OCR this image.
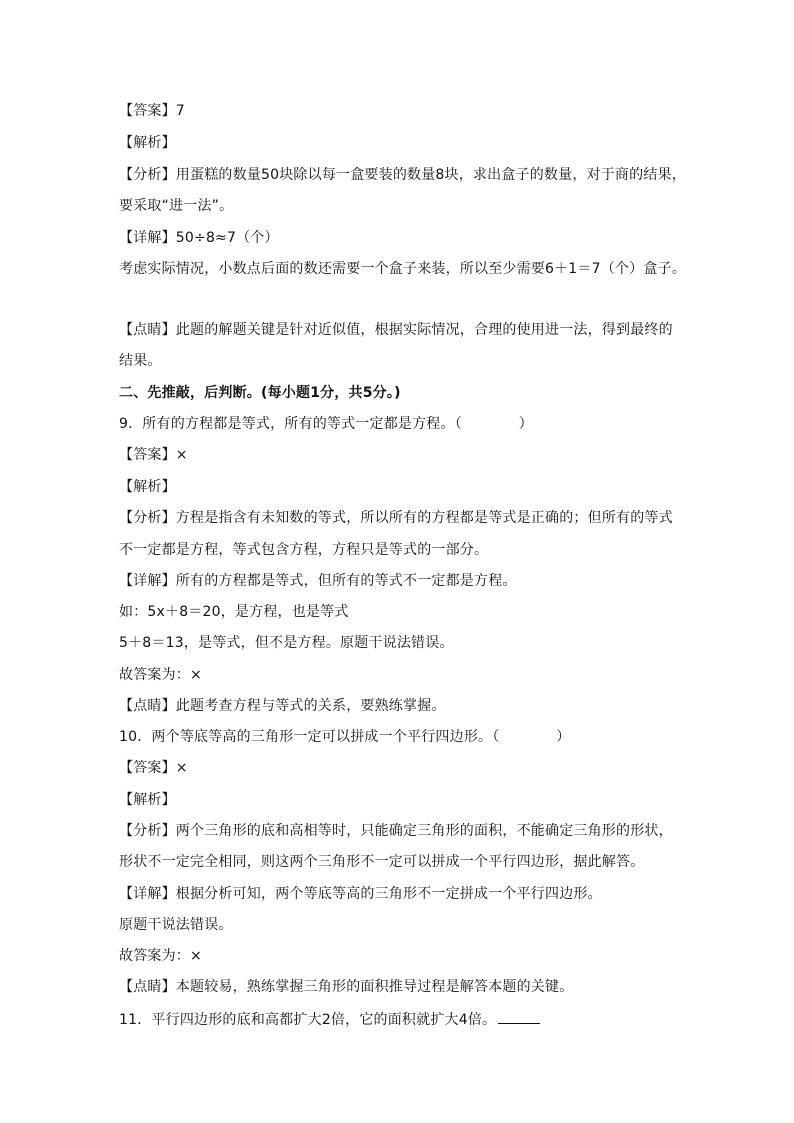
【答案】7
【解析】
【分析】用蛋糕的数量50块除以每一盒要装的数量8块，求出盒子的数量，对于商的结果，
要采取“进一法”。
【详解】50÷8≈7（个）
考虑实际情况，小数点后面的数还需要一个盒子来装，所以至少需要6＋1＝7（个）盒子。
【点睛】此题的解题关键是针对近似值，根据实际情况，合理的使用进一法，得到最终的
结果。
二、先推敲，后判断。(每小题1分，共5分。)
9．所有的方程都是等式，所有的等式一定都是方程。（　　　　）
【答案】×
【解析】
【分析】方程是指含有未知数的等式，所以所有的方程都是等式是正确的；但所有的等式
不一定都是方程，等式包含方程，方程只是等式的一部分。
【详解】所有的方程都是等式，但所有的等式不一定都是方程。
如：5x＋8＝20，是方程，也是等式
5＋8＝13，是等式，但不是方程。原题干说法错误。
故答案为：×
【点睛】此题考查方程与等式的关系，要熟练掌握。
10．两个等底等高的三角形一定可以拼成一个平行四边形。（　　　　）
【答案】×
【解析】
【分析】两个三角形的底和高相等时，只能确定三角形的面积，不能确定三角形的形状，
形状不一定完全相同，则这两个三角形不一定可以拼成一个平行四边形，据此解答。
【详解】根据分析可知，两个等底等高的三角形不一定拼成一个平行四边形。
原题干说法错误。
故答案为：×
【点睛】本题较易，熟练掌握三角形的面积推导过程是解答本题的关键。
11．平行四边形的底和高都扩大2倍，它的面积就扩大4倍。
